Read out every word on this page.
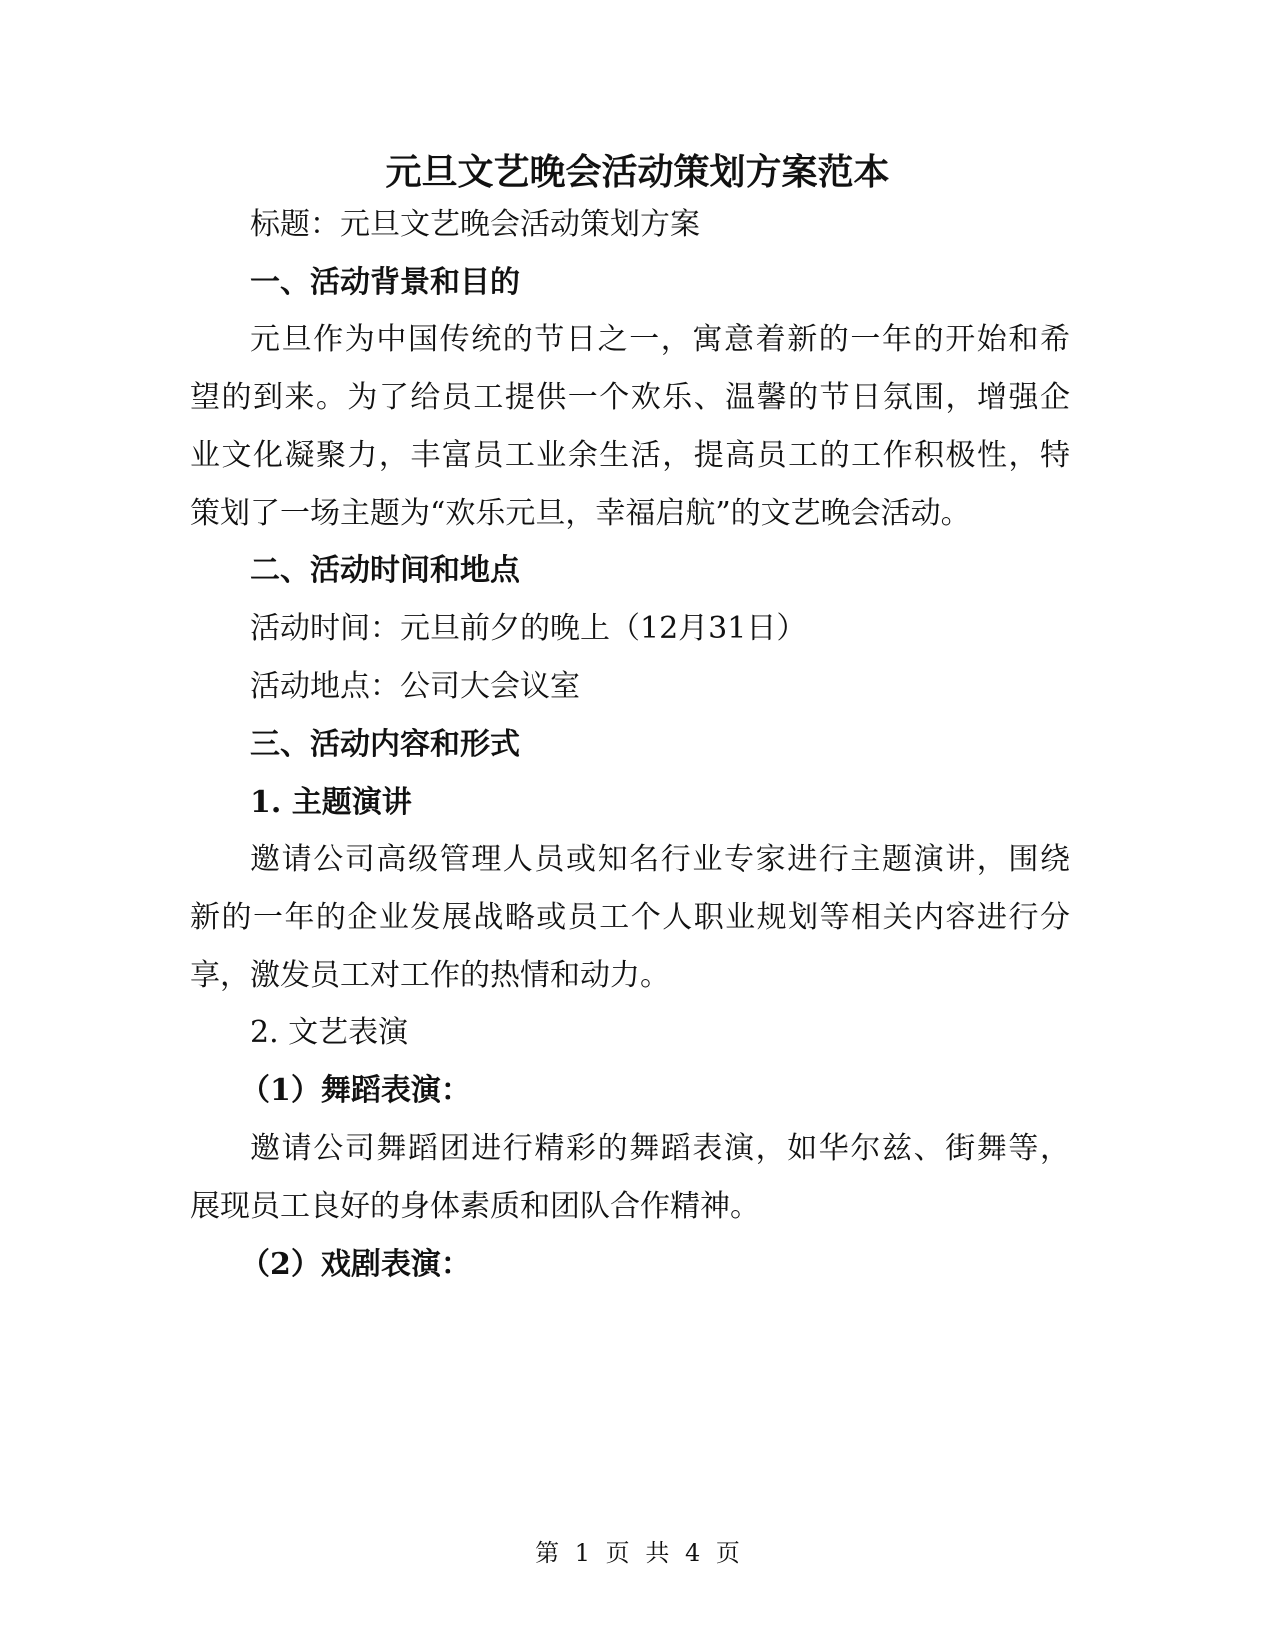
元旦文艺晚会活动策划方案范本
标题：元旦文艺晚会活动策划方案
一、活动背景和目的
元旦作为中国传统的节日之一，寓意着新的一年的开始和希
望的到来。为了给员工提供一个欢乐、温馨的节日氛围，增强企
业文化凝聚力，丰富员工业余生活，提高员工的工作积极性，特
策划了一场主题为“欢乐元旦，幸福启航”的文艺晚会活动。
二、活动时间和地点
活动时间：元旦前夕的晚上（12月31日）
活动地点：公司大会议室
三、活动内容和形式
1. 主题演讲
邀请公司高级管理人员或知名行业专家进行主题演讲，围绕
新的一年的企业发展战略或员工个人职业规划等相关内容进行分
享，激发员工对工作的热情和动力。
2. 文艺表演
（1）舞蹈表演：
邀请公司舞蹈团进行精彩的舞蹈表演，如华尔兹、街舞等，
展现员工良好的身体素质和团队合作精神。
（2）戏剧表演：
第 1 页 共 4 页
